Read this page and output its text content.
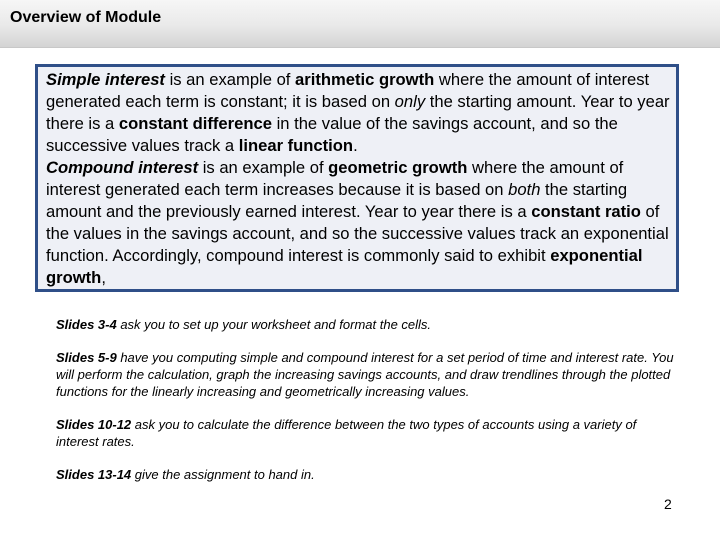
Overview of Module

Simple interest is an example of arithmetic growth where the amount of interest generated each term is constant; it is based on only the starting amount. Year to year there is a constant difference in the value of the savings account, and so the successive values track a linear function.

Compound interest is an example of geometric growth where the amount of interest generated each term increases because it is based on both the starting amount and the previously earned interest. Year to year there is a constant ratio of the values in the savings account, and so the successive values track an exponential function. Accordingly, compound interest is commonly said to exhibit exponential growth,

Slides 3-4 ask you to set up your worksheet and format the cells.

Slides 5-9 have you computing simple and compound interest for a set period of time and interest rate. You will perform the calculation, graph the increasing savings accounts, and draw trendlines through the plotted functions for the linearly increasing and geometrically increasing values.

Slides 10-12 ask you to calculate the difference between the two types of accounts using a variety of interest rates.

Slides 13-14 give the assignment to hand in.

2
